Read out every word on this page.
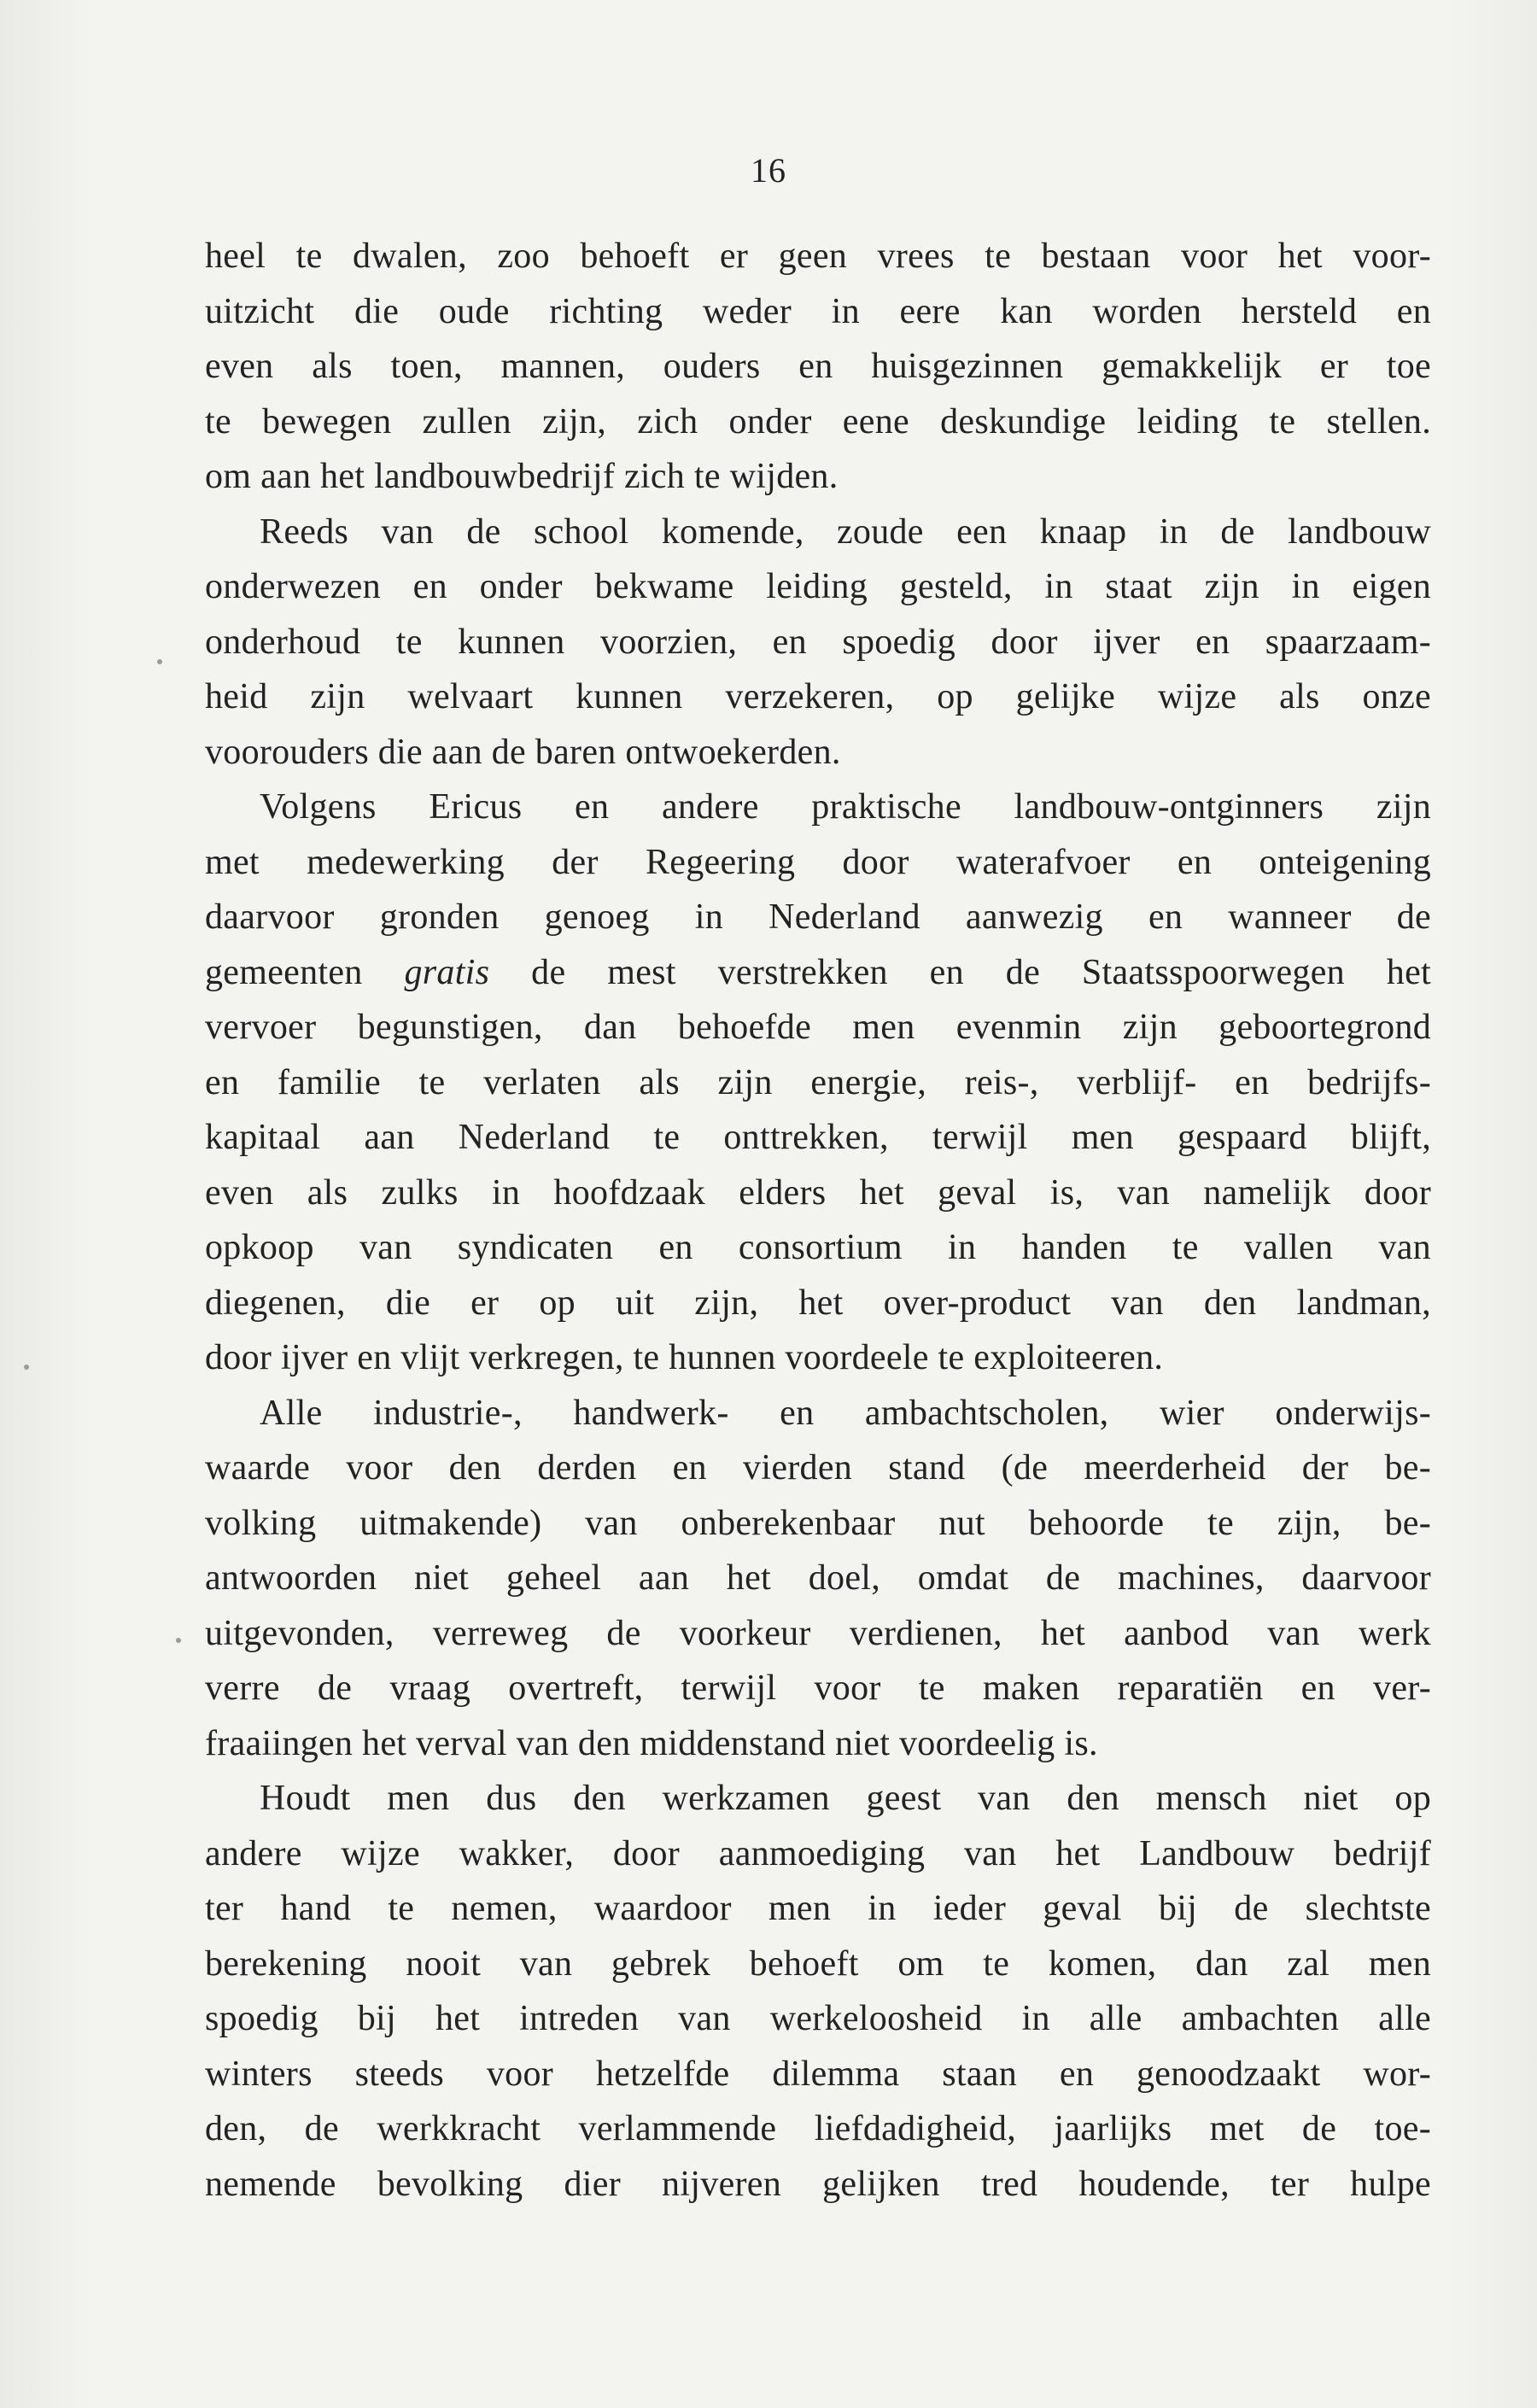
16
heel te dwalen, zoo behoeft er geen vrees te bestaan voor het voor-
uitzicht die oude richting weder in eere kan worden hersteld en
even als toen, mannen, ouders en huisgezinnen gemakkelijk er toe
te bewegen zullen zijn, zich onder eene deskundige leiding te stellen.
om aan het landbouwbedrijf zich te wijden.
Reeds van de school komende, zoude een knaap in de landbouw
onderwezen en onder bekwame leiding gesteld, in staat zijn in eigen
onderhoud te kunnen voorzien, en spoedig door ijver en spaarzaam-
heid zijn welvaart kunnen verzekeren, op gelijke wijze als onze
voorouders die aan de baren ontwoekerden.
Volgens Ericus en andere praktische landbouw-ontginners zijn
met medewerking der Regeering door waterafvoer en onteigening
daarvoor gronden genoeg in Nederland aanwezig en wanneer de
gemeenten gratis de mest verstrekken en de Staatsspoorwegen het
vervoer begunstigen, dan behoefde men evenmin zijn geboortegrond
en familie te verlaten als zijn energie, reis-, verblijf- en bedrijfs-
kapitaal aan Nederland te onttrekken, terwijl men gespaard blijft,
even als zulks in hoofdzaak elders het geval is, van namelijk door
opkoop van syndicaten en consortium in handen te vallen van
diegenen, die er op uit zijn, het over-product van den landman,
door ijver en vlijt verkregen, te hunnen voordeele te exploiteeren.
Alle industrie-, handwerk- en ambachtscholen, wier onderwijs-
waarde voor den derden en vierden stand (de meerderheid der be-
volking uitmakende) van onberekenbaar nut behoorde te zijn, be-
antwoorden niet geheel aan het doel, omdat de machines, daarvoor
uitgevonden, verreweg de voorkeur verdienen, het aanbod van werk
verre de vraag overtreft, terwijl voor te maken reparatiën en ver-
fraaiingen het verval van den middenstand niet voordeelig is.
Houdt men dus den werkzamen geest van den mensch niet op
andere wijze wakker, door aanmoediging van het Landbouw bedrijf
ter hand te nemen, waardoor men in ieder geval bij de slechtste
berekening nooit van gebrek behoeft om te komen, dan zal men
spoedig bij het intreden van werkeloosheid in alle ambachten alle
winters steeds voor hetzelfde dilemma staan en genoodzaakt wor-
den, de werkkracht verlammende liefdadigheid, jaarlijks met de toe-
nemende bevolking dier nijveren gelijken tred houdende, ter hulpe
